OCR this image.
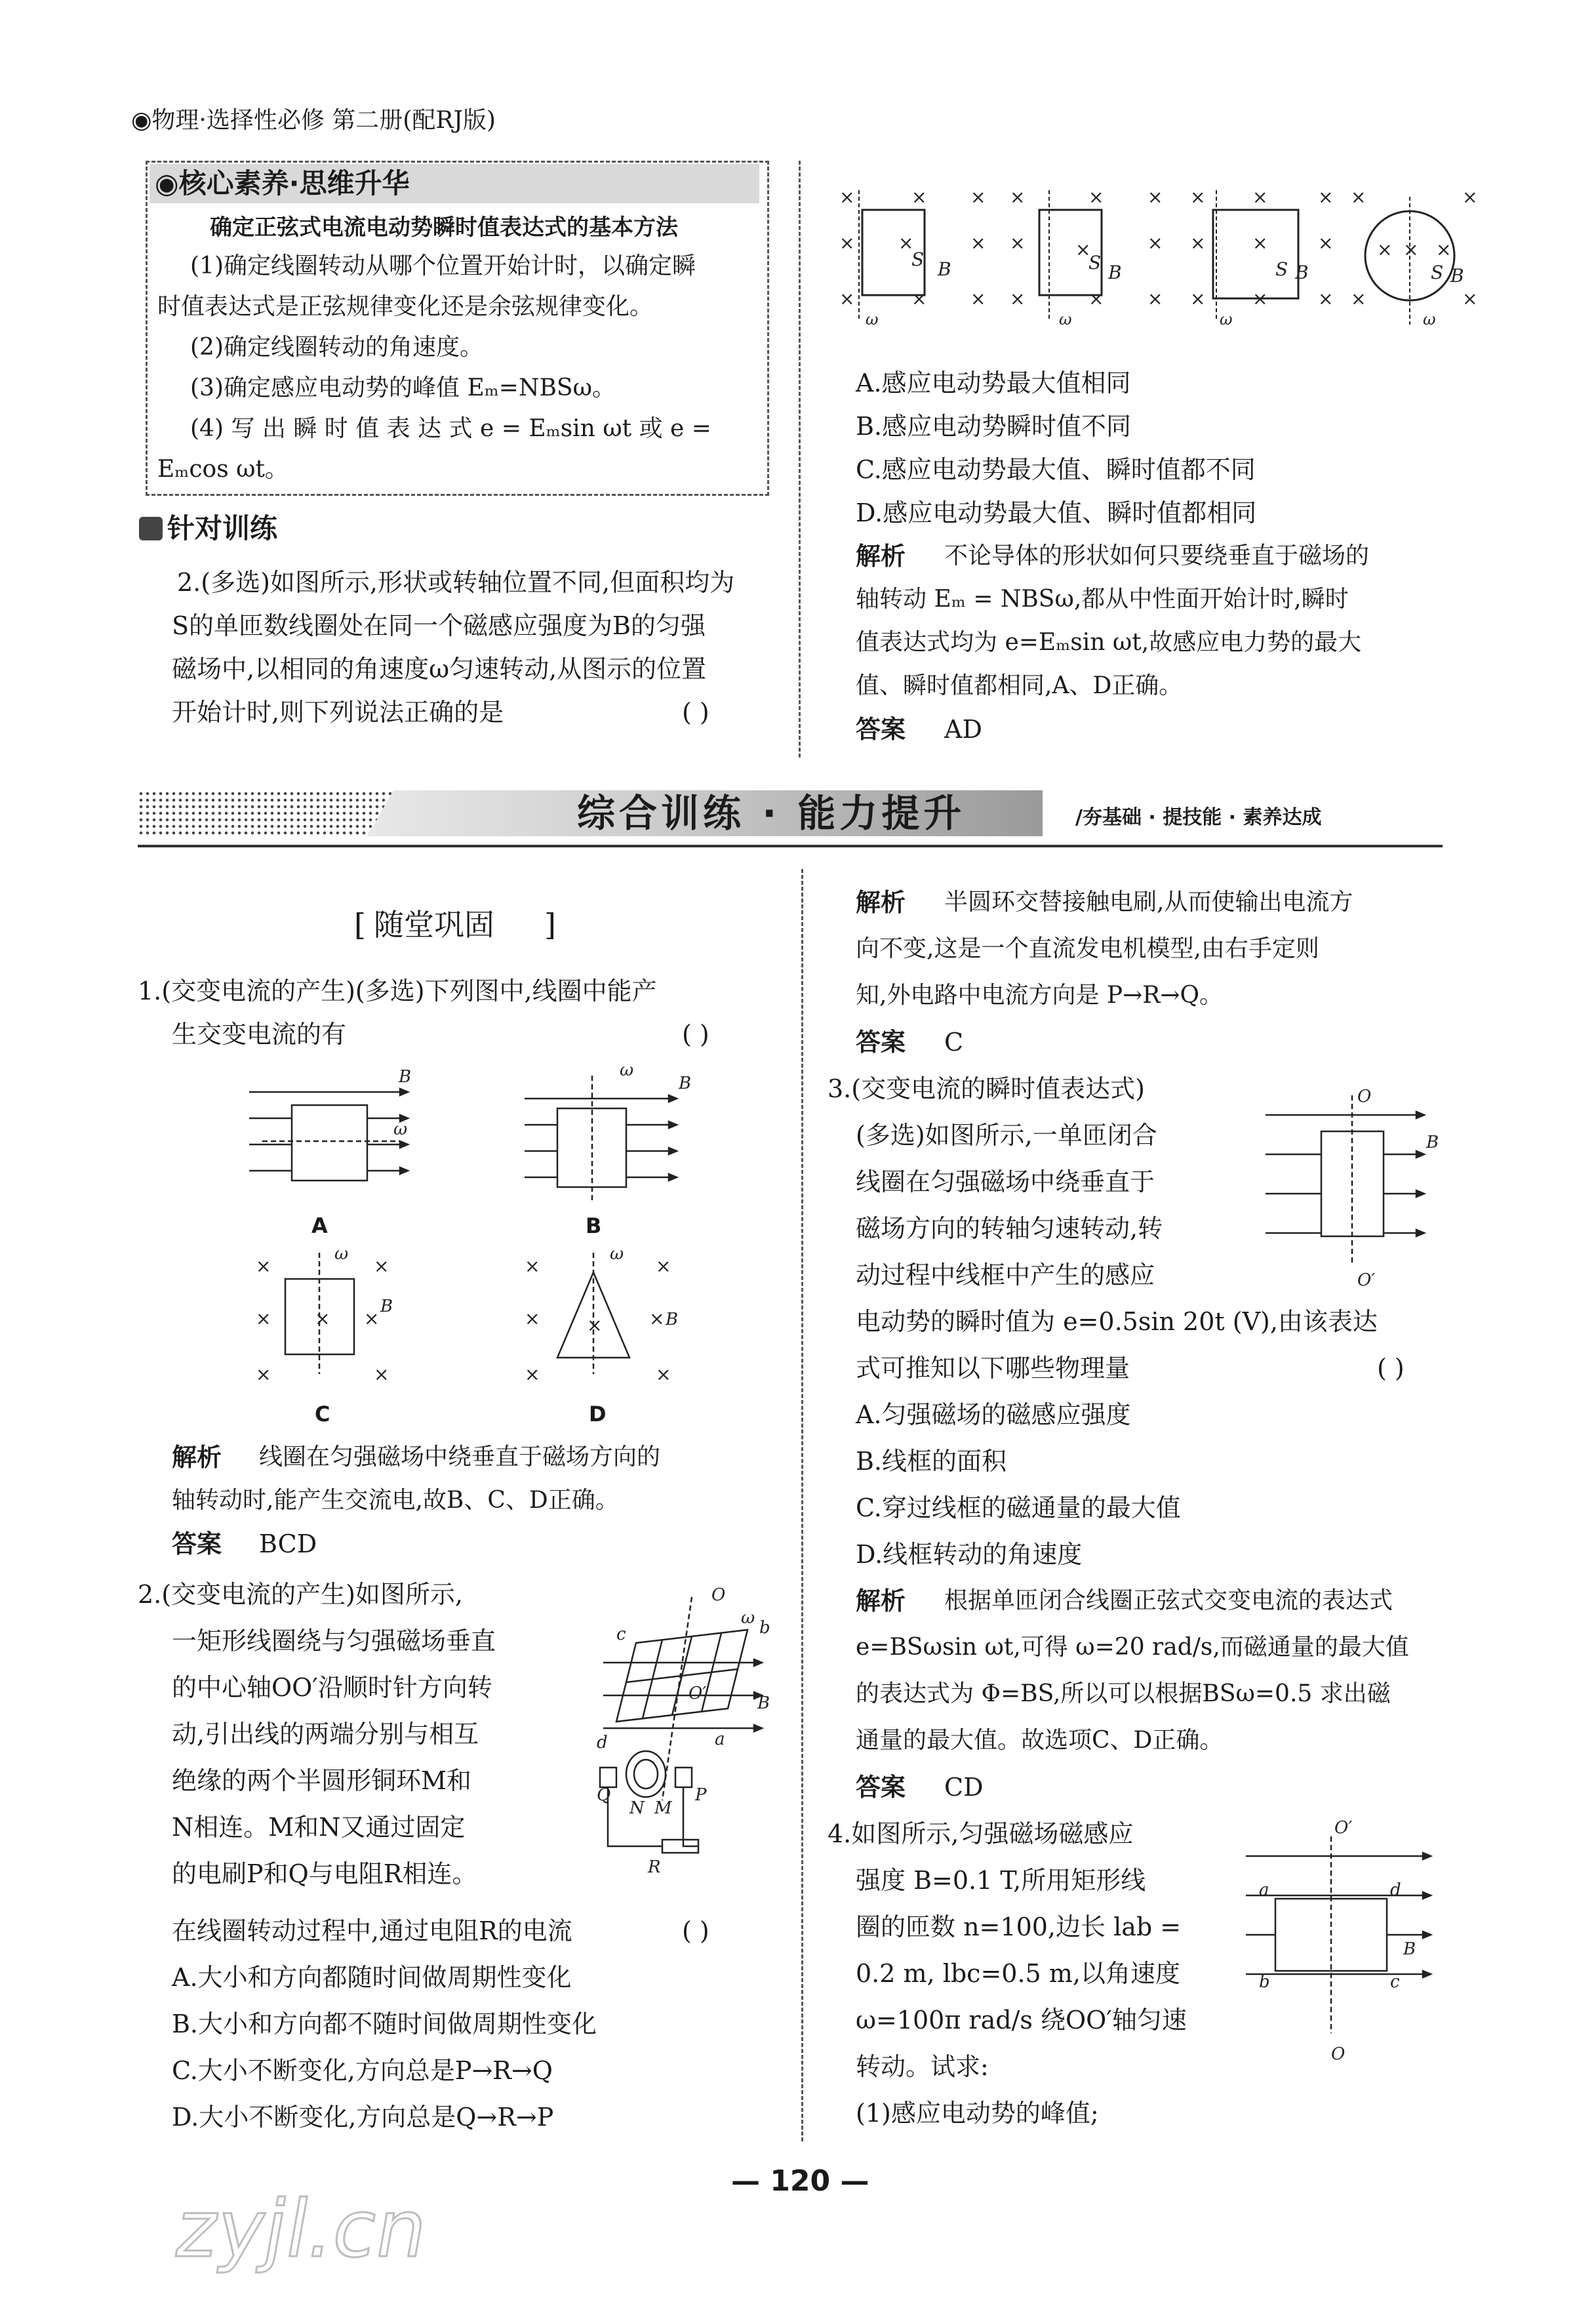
◉物理·选择性必修 第二册(配RJ版)
◉核心素养·思维升华
确定正弦式电流电动势瞬时值表达式的基本方法
(1)确定线圈转动从哪个位置开始计时，以确定瞬
时值表达式是正弦规律变化还是余弦规律变化。
(2)确定线圈转动的角速度。
(3)确定感应电动势的峰值 Eₘ=NBSω。
(4) 写 出 瞬 时 值 表 达 式 e = Eₘsin ωt 或 e =
Eₘcos ωt。
针对训练
2.(多选)如图所示,形状或转轴位置不同,但面积均为
S的单匝数线圈处在同一个磁感应强度为B的匀强
磁场中,以相同的角速度ω匀速转动,从图示的位置
开始计时,则下列说法正确的是	( )
×	× ×
× ×	×
×	× ×
S B
ω
×	× ×
×	×	×
×	× ×
S B
ω
×	×	×
×	×	×
×	×	×
S B
ω
×	×
× × ×
×	×
S B
ω
A.感应电动势最大值相同
B.感应电动势瞬时值不同
C.感应电动势最大值、瞬时值都不同
D.感应电动势最大值、瞬时值都相同
解析 不论导体的形状如何只要绕垂直于磁场的
轴转动 Eₘ = NBSω,都从中性面开始计时,瞬时
值表达式均为 e=Eₘsin ωt,故感应电力势的最大
值、瞬时值都相同,A、D正确。
答案 AD
综合训练 · 能力提升	/夯基础 · 提技能 · 素养达成
[ 随堂巩固 ]
1.(交变电流的产生)(多选)下列图中,线圈中能产
生交变电流的有	( )
B
ω
B
ω
B
ω
B
ω
×	×
× × ×
×	×
×	×
×	×	×
×	×
A	B
C	D
解析 线圈在匀强磁场中绕垂直于磁场方向的
轴转动时,能产生交流电,故B、C、D正确。
答案 BCD
2.(交变电流的产生)如图所示,
一矩形线圈绕与匀强磁场垂直
的中心轴OO′沿顺时针方向转
动,引出线的两端分别与相互
绝缘的两个半圆形铜环M和
N相连。M和N又通过固定
的电刷P和Q与电阻R相连。
在线圈转动过程中,通过电阻R的电流	( )
O
ω b
c
d	a
B
O′
Q	P
N M
R
A.大小和方向都随时间做周期性变化
B.大小和方向都不随时间做周期性变化
C.大小不断变化,方向总是P→R→Q
D.大小不断变化,方向总是Q→R→P
解析 半圆环交替接触电刷,从而使输出电流方
向不变,这是一个直流发电机模型,由右手定则
知,外电路中电流方向是 P→R→Q。
答案 C
3.(交变电流的瞬时值表达式)
(多选)如图所示,一单匝闭合
线圈在匀强磁场中绕垂直于
磁场方向的转轴匀速转动,转
动过程中线框中产生的感应
电动势的瞬时值为 e=0.5sin 20t (V),由该表达
式可推知以下哪些物理量	( )
O
B
O′
A.匀强磁场的磁感应强度
B.线框的面积
C.穿过线框的磁通量的最大值
D.线框转动的角速度
解析 根据单匝闭合线圈正弦式交变电流的表达式
e=BSωsin ωt,可得 ω=20 rad/s,而磁通量的最大值
的表达式为 Φ=BS,所以可以根据BSω=0.5 求出磁
通量的最大值。故选项C、D正确。
答案 CD
4.如图所示,匀强磁场磁感应
强度 B=0.1 T,所用矩形线
圈的匝数 n=100,边长 lab =
0.2 m, lbc=0.5 m,以角速度
ω=100π rad/s 绕OO′轴匀速
转动。试求:
(1)感应电动势的峰值;
O′
a	d
b	c
B
O
— 120 —
zyjl.cn
